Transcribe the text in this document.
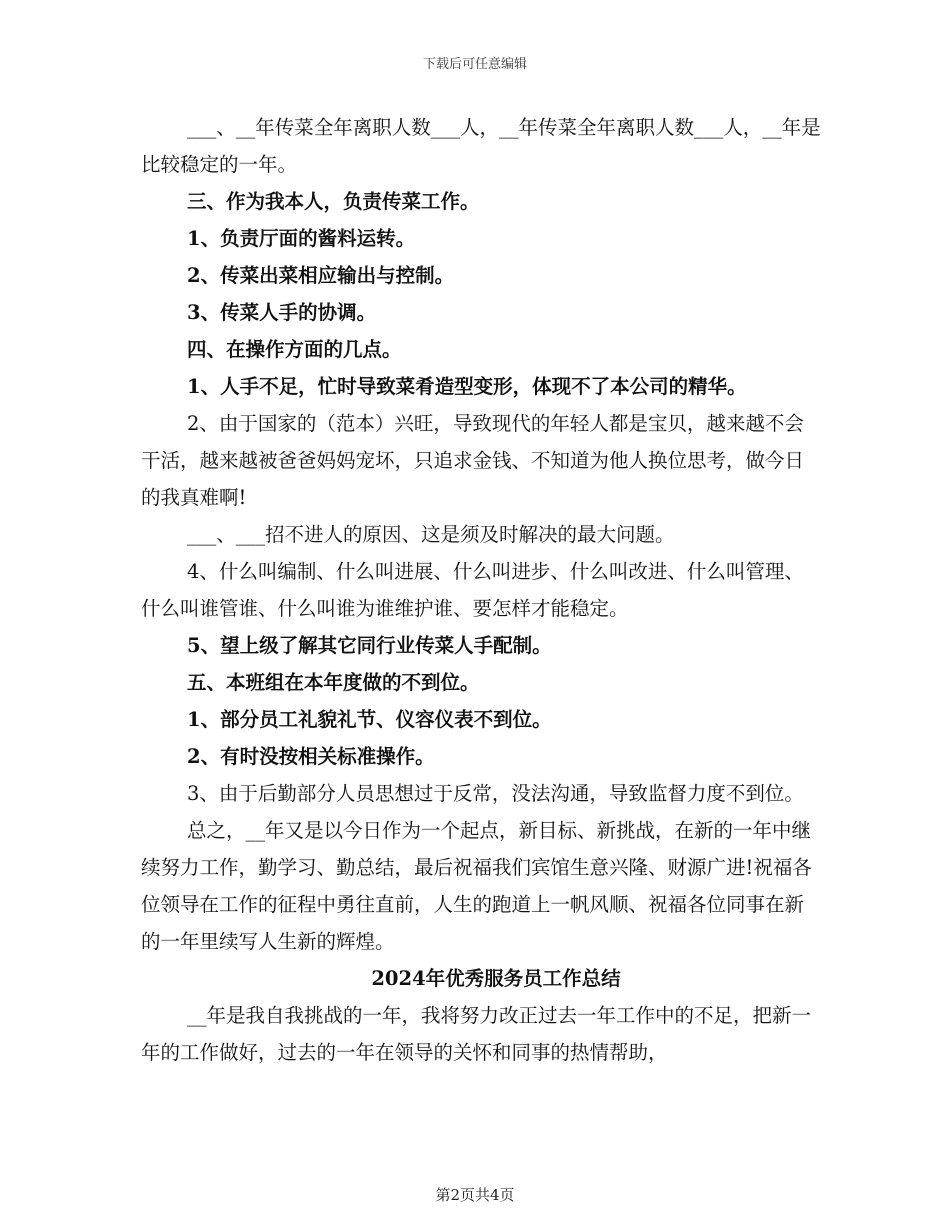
下载后可任意编辑

___、__年传菜全年离职人数___人，__年传菜全年离职人数___人，__年是比较稳定的一年。

三、作为我本人，负责传菜工作。

1、负责厅面的酱料运转。

2、传菜出菜相应输出与控制。

3、传菜人手的协调。

四、在操作方面的几点。

1、人手不足，忙时导致菜肴造型变形，体现不了本公司的精华。

2、由于国家的（范本）兴旺，导致现代的年轻人都是宝贝，越来越不会干活，越来越被爸爸妈妈宠坏，只追求金钱、不知道为他人换位思考，做今日的我真难啊!

___、___招不进人的原因、这是须及时解决的最大问题。

4、什么叫编制、什么叫进展、什么叫进步、什么叫改进、什么叫管理、什么叫谁管谁、什么叫谁为谁维护谁、要怎样才能稳定。

5、望上级了解其它同行业传菜人手配制。

五、本班组在本年度做的不到位。

1、部分员工礼貌礼节、仪容仪表不到位。

2、有时没按相关标准操作。

3、由于后勤部分人员思想过于反常，没法沟通，导致监督力度不到位。

总之，__年又是以今日作为一个起点，新目标、新挑战，在新的一年中继续努力工作，勤学习、勤总结，最后祝福我们宾馆生意兴隆、财源广进!祝福各位领导在工作的征程中勇往直前，人生的跑道上一帆风顺、祝福各位同事在新的一年里续写人生新的辉煌。

2024年优秀服务员工作总结

__年是我自我挑战的一年，我将努力改正过去一年工作中的不足，把新一年的工作做好，过去的一年在领导的关怀和同事的热情帮助，

第2页共4页
